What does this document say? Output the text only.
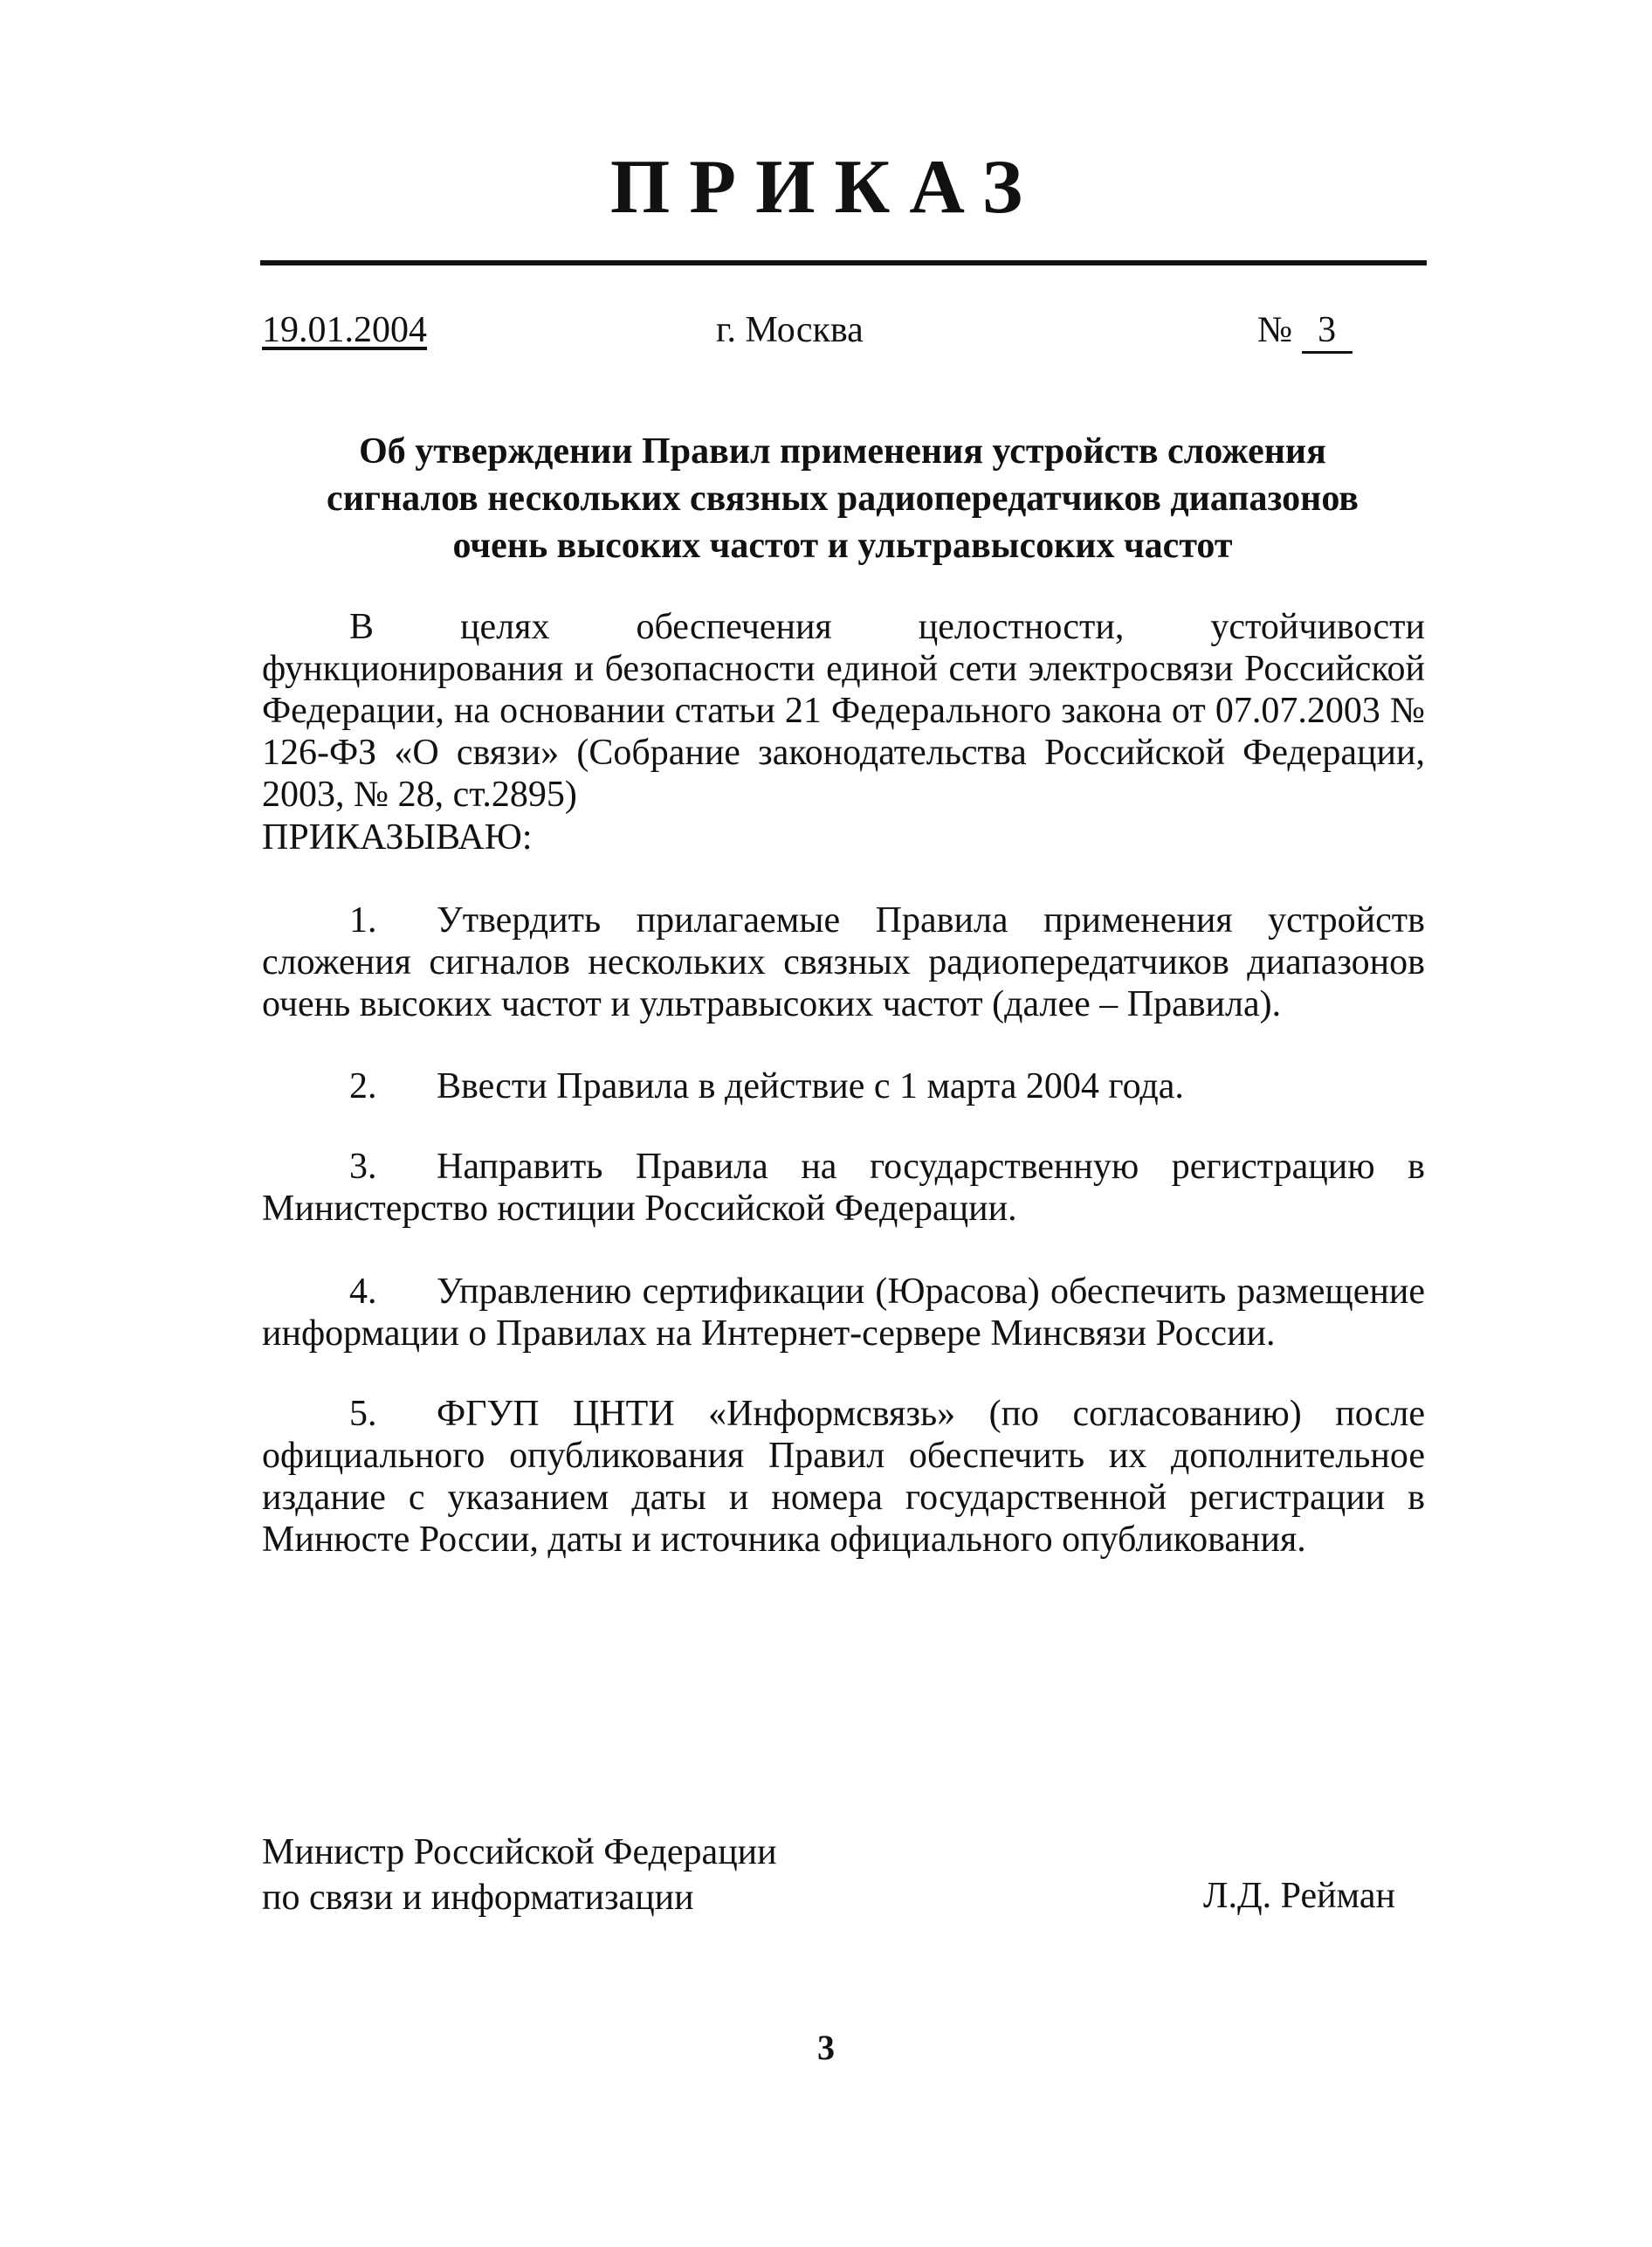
ПРИКАЗ
19.01.2004	г. Москва	№ 3
Об утверждении Правил применения устройств сложения
сигналов нескольких связных радиопередатчиков диапазонов
очень высоких частот и ультравысоких частот
В целях обеспечения целостности, устойчивости функционирования и безопасности единой сети электросвязи Российской Федерации, на основании статьи 21 Федерального закона от 07.07.2003 № 126-ФЗ «О связи» (Собрание законодательства Российской Федерации, 2003, № 28, ст.2895)
ПРИКАЗЫВАЮ:
1. Утвердить прилагаемые Правила применения устройств сложения сигналов нескольких связных радиопередатчиков диапазонов очень высоких частот и ультравысоких частот (далее – Правила).
2. Ввести Правила в действие с 1 марта 2004 года.
3. Направить Правила на государственную регистрацию в Министерство юстиции Российской Федерации.
4. Управлению сертификации (Юрасова) обеспечить размещение информации о Правилах на Интернет-сервере Минсвязи России.
5. ФГУП ЦНТИ «Информсвязь» (по согласованию) после официального опубликования Правил обеспечить их дополнительное издание с указанием даты и номера государственной регистрации в Минюсте России, даты и источника официального опубликования.
Министр Российской Федерации
по связи и информатизации	Л.Д. Рейман
3
